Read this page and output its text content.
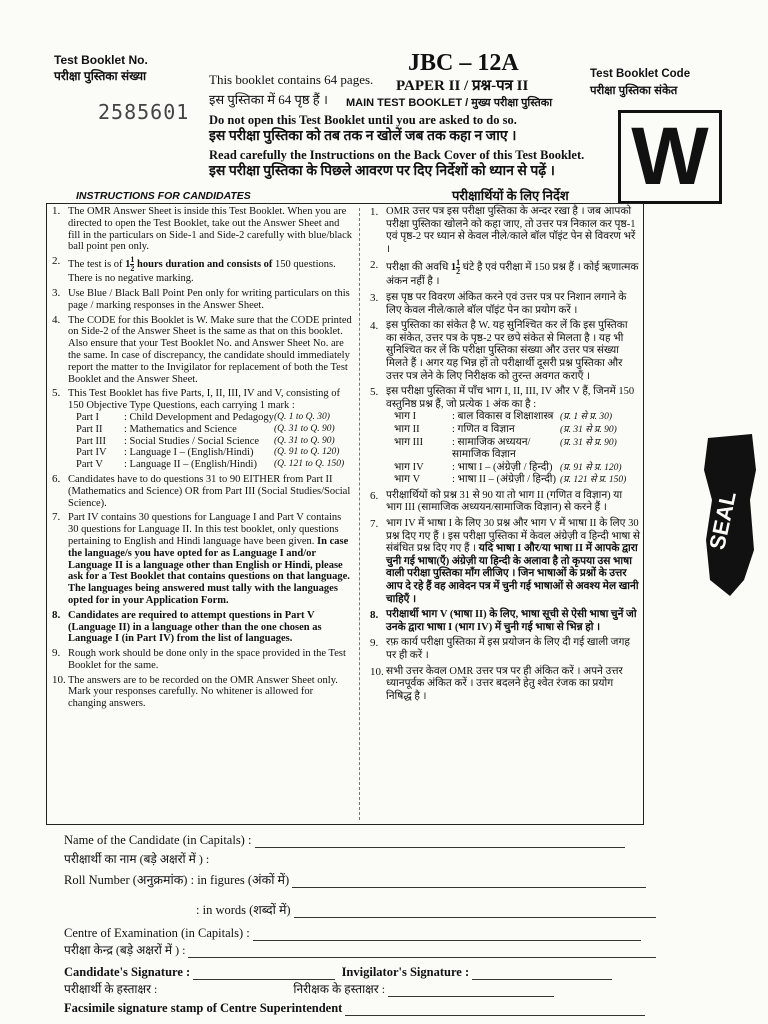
Test Booklet No.
परीक्षा पुस्तिका संख्या
2585601
JBC – 12A
PAPER II / प्रश्न-पत्र II
MAIN TEST BOOKLET / मुख्य परीक्षा पुस्तिका
This booklet contains 64 pages.
इस पुस्तिका में 64 पृष्ठ हैं ।
Do not open this Test Booklet until you are asked to do so.
इस परीक्षा पुस्तिका को तब तक न खोलें जब तक कहा न जाए ।
Read carefully the Instructions on the Back Cover of this Test Booklet.
इस परीक्षा पुस्तिका के पिछले आवरण पर दिए निर्देशों को ध्यान से पढ़ें ।
Test Booklet Code
परीक्षा पुस्तिका संकेत
W
INSTRUCTIONS FOR CANDIDATES	परीक्षार्थियों के लिए निर्देश
1. The OMR Answer Sheet is inside this Test Booklet. When you are directed to open the Test Booklet, take out the Answer Sheet and fill in the particulars on Side-1 and Side-2 carefully with blue/black ball point pen only.
2. The test is of $1 \frac{1}{2}$ hours duration and consists of 150 questions. There is no negative marking.
3. Use Blue / Black Ball Point Pen only for writing particulars on this page / marking responses in the Answer Sheet.
4. The CODE for this Booklet is W. Make sure that the CODE printed on Side-2 of the Answer Sheet is the same as that on this booklet. Also ensure that your Test Booklet No. and Answer Sheet No. are the same. In case of discrepancy, the candidate should immediately report the matter to the Invigilator for replacement of both the Test Booklet and the Answer Sheet.
5. This Test Booklet has five Parts, I, II, III, IV and V, consisting of 150 Objective Type Questions, each carrying 1 mark :
Part I	: Child Development and Pedagogy (Q. 1 to Q. 30)
Part II	: Mathematics and Science	(Q. 31 to Q. 90)
Part III	: Social Studies / Social Science	(Q. 31 to Q. 90)
Part IV	: Language I – (English/Hindi)	(Q. 91 to Q. 120)
Part V	: Language II – (English/Hindi)	(Q. 121 to Q. 150)
6. Candidates have to do questions 31 to 90 EITHER from Part II (Mathematics and Science) OR from Part III (Social Studies/Social Science).
7. Part IV contains 30 questions for Language I and Part V contains 30 questions for Language II. In this test booklet, only questions pertaining to English and Hindi language have been given. In case the language/s you have opted for as Language I and/or Language II is a language other than English or Hindi, please ask for a Test Booklet that contains questions on that language. The languages being answered must tally with the languages opted for in your Application Form.
8. Candidates are required to attempt questions in Part V (Language II) in a language other than the one chosen as Language I (in Part IV) from the list of languages.
9. Rough work should be done only in the space provided in the Test Booklet for the same.
10. The answers are to be recorded on the OMR Answer Sheet only. Mark your responses carefully. No whitener is allowed for changing answers.
1. OMR उत्तर पत्र इस परीक्षा पुस्तिका के अन्दर रखा है । जब आपको परीक्षा पुस्तिका खोलने को कहा जाए, तो उत्तर पत्र निकाल कर पृष्ठ-1 एवं पृष्ठ-2 पर ध्यान से केवल नीले/काले बॉल पॉइंट पेन से विवरण भरें ।
2. परीक्षा की अवधि $1 \frac{1}{2}$ घंटे है एवं परीक्षा में 150 प्रश्न हैं । कोई ऋणात्मक अंकन नहीं है ।
3. इस पृष्ठ पर विवरण अंकित करने एवं उत्तर पत्र पर निशान लगाने के लिए केवल नीले/काले बॉल पॉइंट पेन का प्रयोग करें ।
4. इस पुस्तिका का संकेत है W. यह सुनिश्चित कर लें कि इस पुस्तिका का संकेत, उत्तर पत्र के पृष्ठ-2 पर छपे संकेत से मिलता है । यह भी सुनिश्चित कर लें कि परीक्षा पुस्तिका संख्या और उत्तर पत्र संख्या मिलते हैं । अगर यह भिन्न हों तो परीक्षार्थी दूसरी प्रश्न पुस्तिका और उत्तर पत्र लेने के लिए निरीक्षक को तुरन्त अवगत कराएँ ।
5. इस परीक्षा पुस्तिका में पाँच भाग I, II, III, IV और V हैं, जिनमें 150 वस्तुनिष्ठ प्रश्न हैं, जो प्रत्येक 1 अंक का है :
भाग I	: बाल विकास व शिक्षाशास्त्र (प्र. 1 से प्र. 30)
भाग II	: गणित व विज्ञान	(प्र. 31 से प्र. 90)
भाग III	: सामाजिक अध्ययन/सामाजिक विज्ञान
(प्र. 31 से प्र. 90)
भाग IV	: भाषा I – (अंग्रेज़ी / हिन्दी) (प्र. 91 से प्र. 120)
भाग V	: भाषा II – (अंग्रेज़ी / हिन्दी) (प्र. 121 से प्र. 150)
6. परीक्षार्थियों को प्रश्न 31 से 90 या तो भाग II (गणित व विज्ञान) या भाग III (सामाजिक अध्ययन/सामाजिक विज्ञान) से करने हैं ।
7. भाग IV में भाषा I के लिए 30 प्रश्न और भाग V में भाषा II के लिए 30 प्रश्न दिए गए हैं । इस परीक्षा पुस्तिका में केवल अंग्रेज़ी व हिन्दी भाषा से संबंधित प्रश्न दिए गए हैं । यदि भाषा I और/या भाषा II में आपके द्वारा चुनी गई भाषा(एँ) अंग्रेज़ी या हिन्दी के अलावा है तो कृपया उस भाषा वाली परीक्षा पुस्तिका माँग लीजिए । जिन भाषाओं के प्रश्नों के उत्तर आप दे रहे हैं वह आवेदन पत्र में चुनी गई भाषाओं से अवश्य मेल खानी चाहिएँ ।
8. परीक्षार्थी भाग V (भाषा II) के लिए, भाषा सूची से ऐसी भाषा चुनें जो उनके द्वारा भाषा I (भाग IV) में चुनी गई भाषा से भिन्न हो ।
9. रफ़ कार्य परीक्षा पुस्तिका में इस प्रयोजन के लिए दी गई खाली जगह पर ही करें ।
10. सभी उत्तर केवल OMR उत्तर पत्र पर ही अंकित करें । अपने उत्तर ध्यानपूर्वक अंकित करें । उत्तर बदलने हेतु श्वेत रंजक का प्रयोग निषिद्ध है ।
SEAL
Name of the Candidate (in Capitals) :
परीक्षार्थी का नाम (बड़े अक्षरों में ) :
Roll Number (अनुक्रमांक) : in figures (अंकों में)
: in words (शब्दों में)
Centre of Examination (in Capitals) :
परीक्षा केन्द्र (बड़े अक्षरों में ) :
Candidate's Signature :	Invigilator's Signature :
परीक्षार्थी के हस्ताक्षर :	निरीक्षक के हस्ताक्षर :
Facsimile signature stamp of Centre Superintendent
